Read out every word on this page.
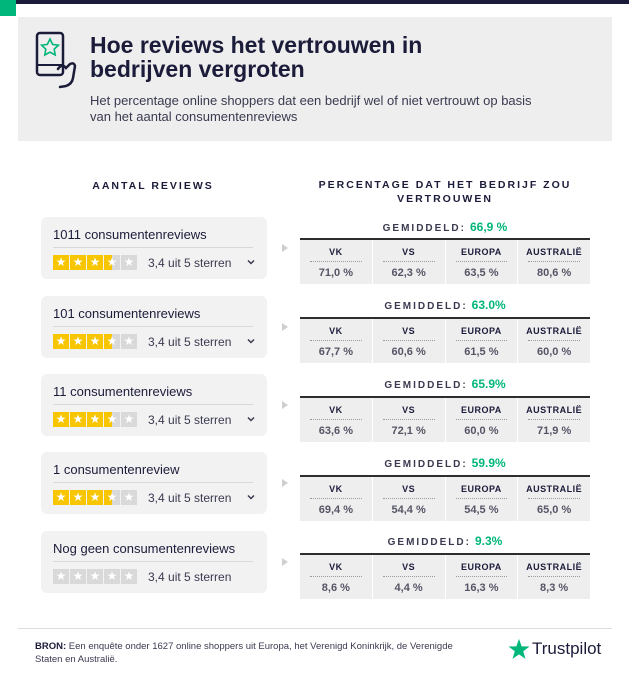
Hoe reviews het vertrouwen in bedrijven vergroten
Het percentage online shoppers dat een bedrijf wel of niet vertrouwt op basis van het aantal consumentenreviews
AANTAL REVIEWS	PERCENTAGE DAT HET BEDRIJF ZOU VERTROUWEN
1011 consumentenreviews
★ ★ ★ ★ ★ 3,4 uit 5 sterren
GEMIDDELD: 66,9 %
VK
71,0 %
VS
62,3 %
EUROPA
63,5 %
AUSTRALIË
80,6 %
101 consumentenreviews
★ ★ ★ ★ ★ 3,4 uit 5 sterren
GEMIDDELD: 63.0%
VK
67,7 %
VS
60,6 %
EUROPA
61,5 %
AUSTRALIË
60,0 %
11 consumentenreviews
★ ★ ★ ★ ★ 3,4 uit 5 sterren
GEMIDDELD: 65.9%
VK
63,6 %
VS
72,1 %
EUROPA
60,0 %
AUSTRALIË
71,9 %
1 consumentenreview
★ ★ ★ ★ ★ 3,4 uit 5 sterren
GEMIDDELD: 59.9%
VK
69,4 %
VS
54,4 %
EUROPA
54,5 %
AUSTRALIË
65,0 %
Nog geen consumentenreviews
★ ★ ★ ★ ★ 3,4 uit 5 sterren
GEMIDDELD: 9.3%
VK
8,6 %
VS
4,4 %
EUROPA
16,3 %
AUSTRALIË
8,3 %
BRON: Een enquête onder 1627 online shoppers uit Europa, het Verenigd Koninkrijk, de Verenigde Staten en Australië.
Trustpilot
